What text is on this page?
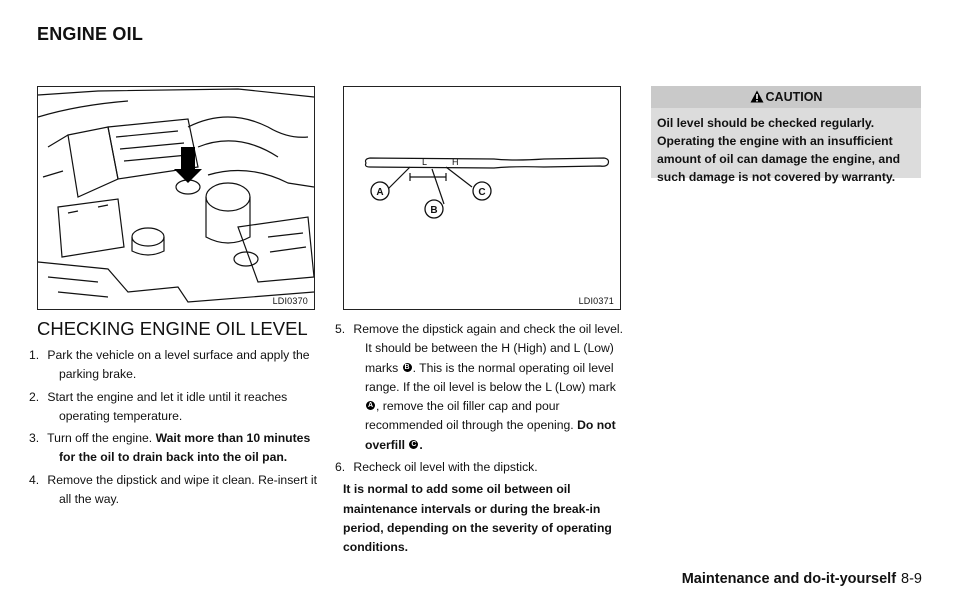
ENGINE OIL
LDI0370
L	H
A
B
C
LDI0371
CHECKING ENGINE OIL LEVEL
1. Park the vehicle on a level surface and apply the parking brake.
2. Start the engine and let it idle until it reaches operating temperature.
3. Turn off the engine. Wait more than 10 minutes for the oil to drain back into the oil pan.
4. Remove the dipstick and wipe it clean. Re-insert it all the way.
5. Remove the dipstick again and check the oil level. It should be between the H (High) and L (Low) marks B . This is the normal operating oil level range. If the oil level is below the L (Low) mark A , remove the oil filler cap and pour recommended oil through the opening. Do not overfill C .
6. Recheck oil level with the dipstick.

It is normal to add some oil between oil maintenance intervals or during the break-in period, depending on the severity of operating conditions.

CAUTION
Oil level should be checked regularly. Operating the engine with an insufficient amount of oil can damage the engine, and such damage is not covered by warranty.
Maintenance and do-it-yourself 8-9
